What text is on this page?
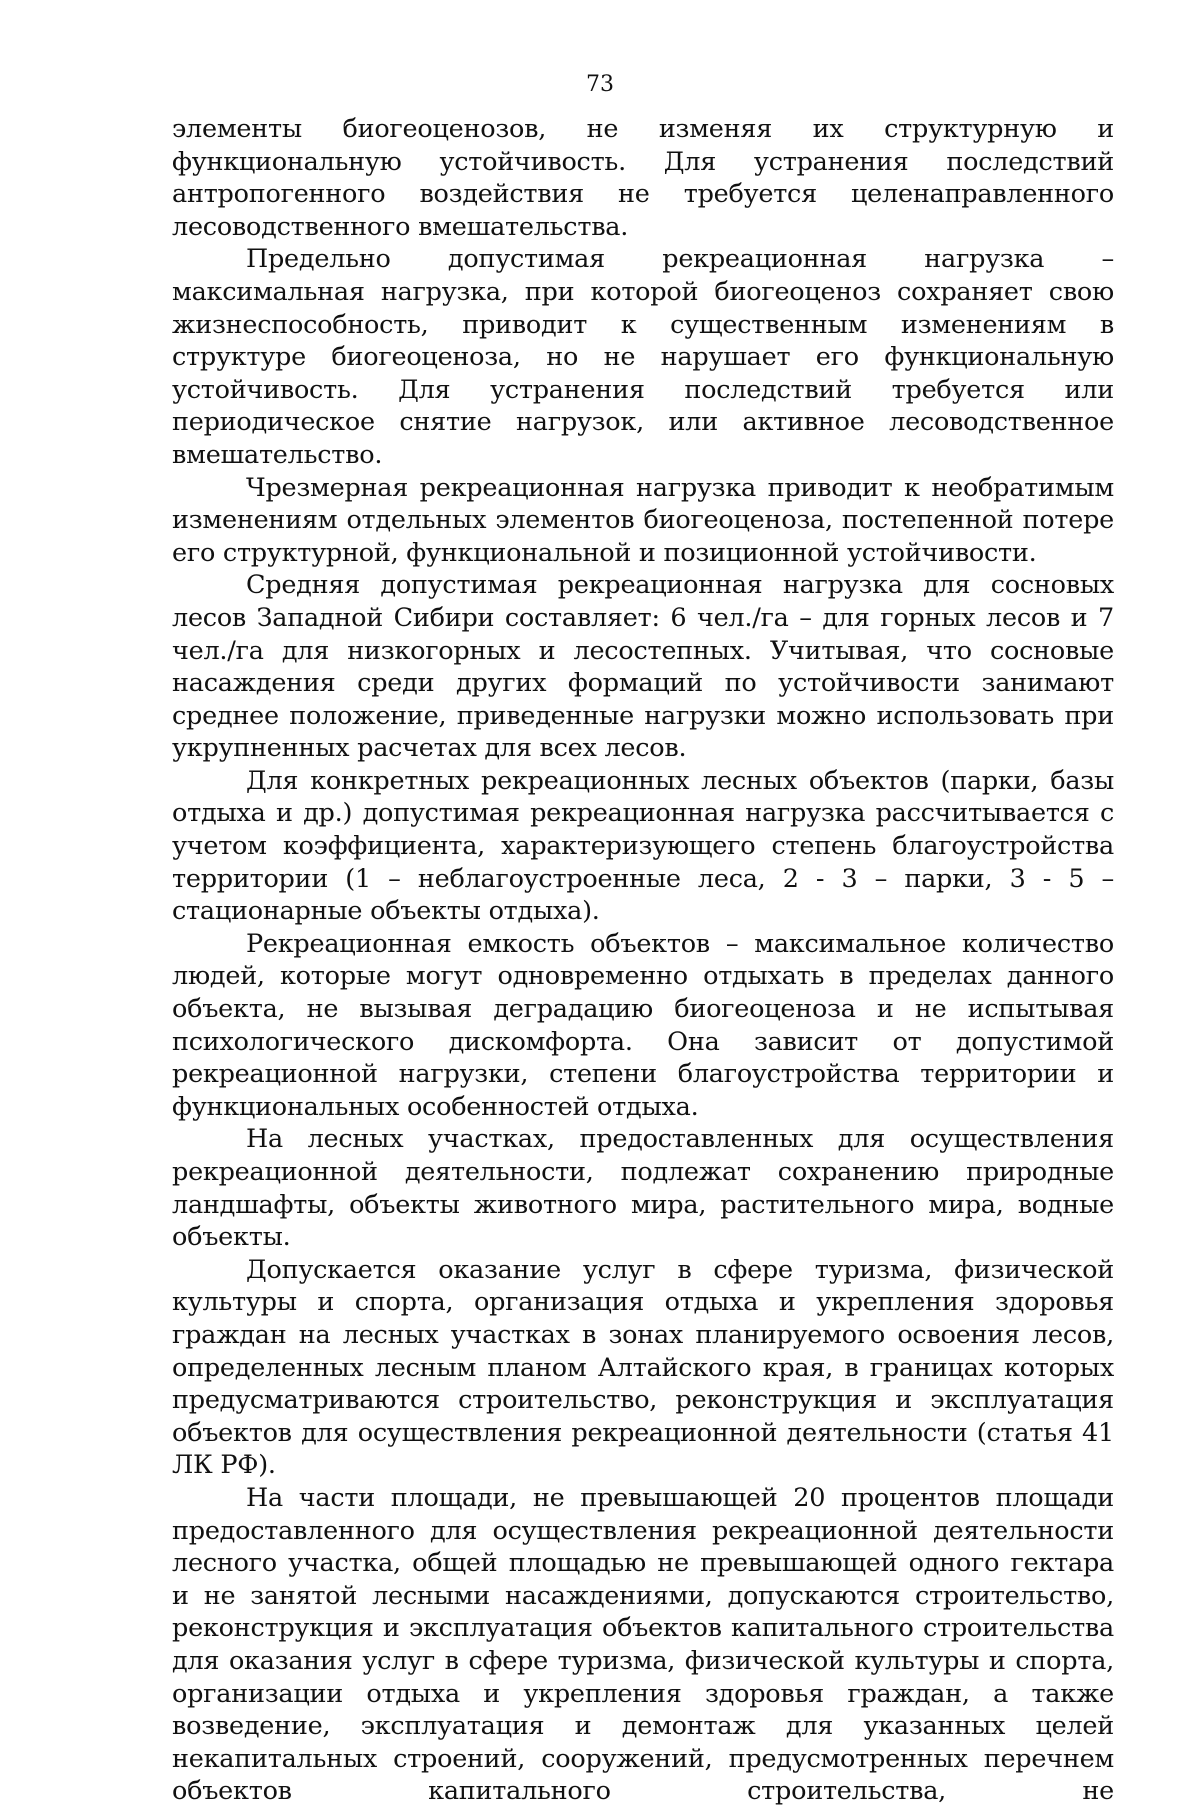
73

элементы биогеоценозов, не изменяя их структурную и функциональную устойчивость. Для устранения последствий антропогенного воздействия не требуется целенаправленного лесоводственного вмешательства.

Предельно допустимая рекреационная нагрузка – максимальная нагрузка, при которой биогеоценоз сохраняет свою жизнеспособность, приводит к существенным изменениям в структуре биогеоценоза, но не нарушает его функциональную устойчивость. Для устранения последствий требуется или периодическое снятие нагрузок, или активное лесоводственное вмешательство.

Чрезмерная рекреационная нагрузка приводит к необратимым изменениям отдельных элементов биогеоценоза, постепенной потере его структурной, функциональной и позиционной устойчивости.

Средняя допустимая рекреационная нагрузка для сосновых лесов Западной Сибири составляет: 6 чел./га – для горных лесов и 7 чел./га для низкогорных и лесостепных. Учитывая, что сосновые насаждения среди других формаций по устойчивости занимают среднее положение, приведенные нагрузки можно использовать при укрупненных расчетах для всех лесов.

Для конкретных рекреационных лесных объектов (парки, базы отдыха и др.) допустимая рекреационная нагрузка рассчитывается с учетом коэффициента, характеризующего степень благоустройства территории (1 – неблагоустроенные леса, 2 - 3 – парки, 3 - 5 – стационарные объекты отдыха).

Рекреационная емкость объектов – максимальное количество людей, которые могут одновременно отдыхать в пределах данного объекта, не вызывая деградацию биогеоценоза и не испытывая психологического дискомфорта. Она зависит от допустимой рекреационной нагрузки, степени благоустройства территории и функциональных особенностей отдыха.

На лесных участках, предоставленных для осуществления рекреационной деятельности, подлежат сохранению природные ландшафты, объекты животного мира, растительного мира, водные объекты.

Допускается оказание услуг в сфере туризма, физической культуры и спорта, организация отдыха и укрепления здоровья граждан на лесных участках в зонах планируемого освоения лесов, определенных лесным планом Алтайского края, в границах которых предусматриваются строительство, реконструкция и эксплуатация объектов для осуществления рекреационной деятельности (статья 41 ЛК РФ).

На части площади, не превышающей 20 процентов площади предоставленного для осуществления рекреационной деятельности лесного участка, общей площадью не превышающей одного гектара и не занятой лесными насаждениями, допускаются строительство, реконструкция и эксплуатация объектов капитального строительства для оказания услуг в сфере туризма, физической культуры и спорта, организации отдыха и укрепления здоровья граждан, а также возведение, эксплуатация и демонтаж для указанных целей некапитальных строений, сооружений, предусмотренных перечнем объектов капитального строительства, не
